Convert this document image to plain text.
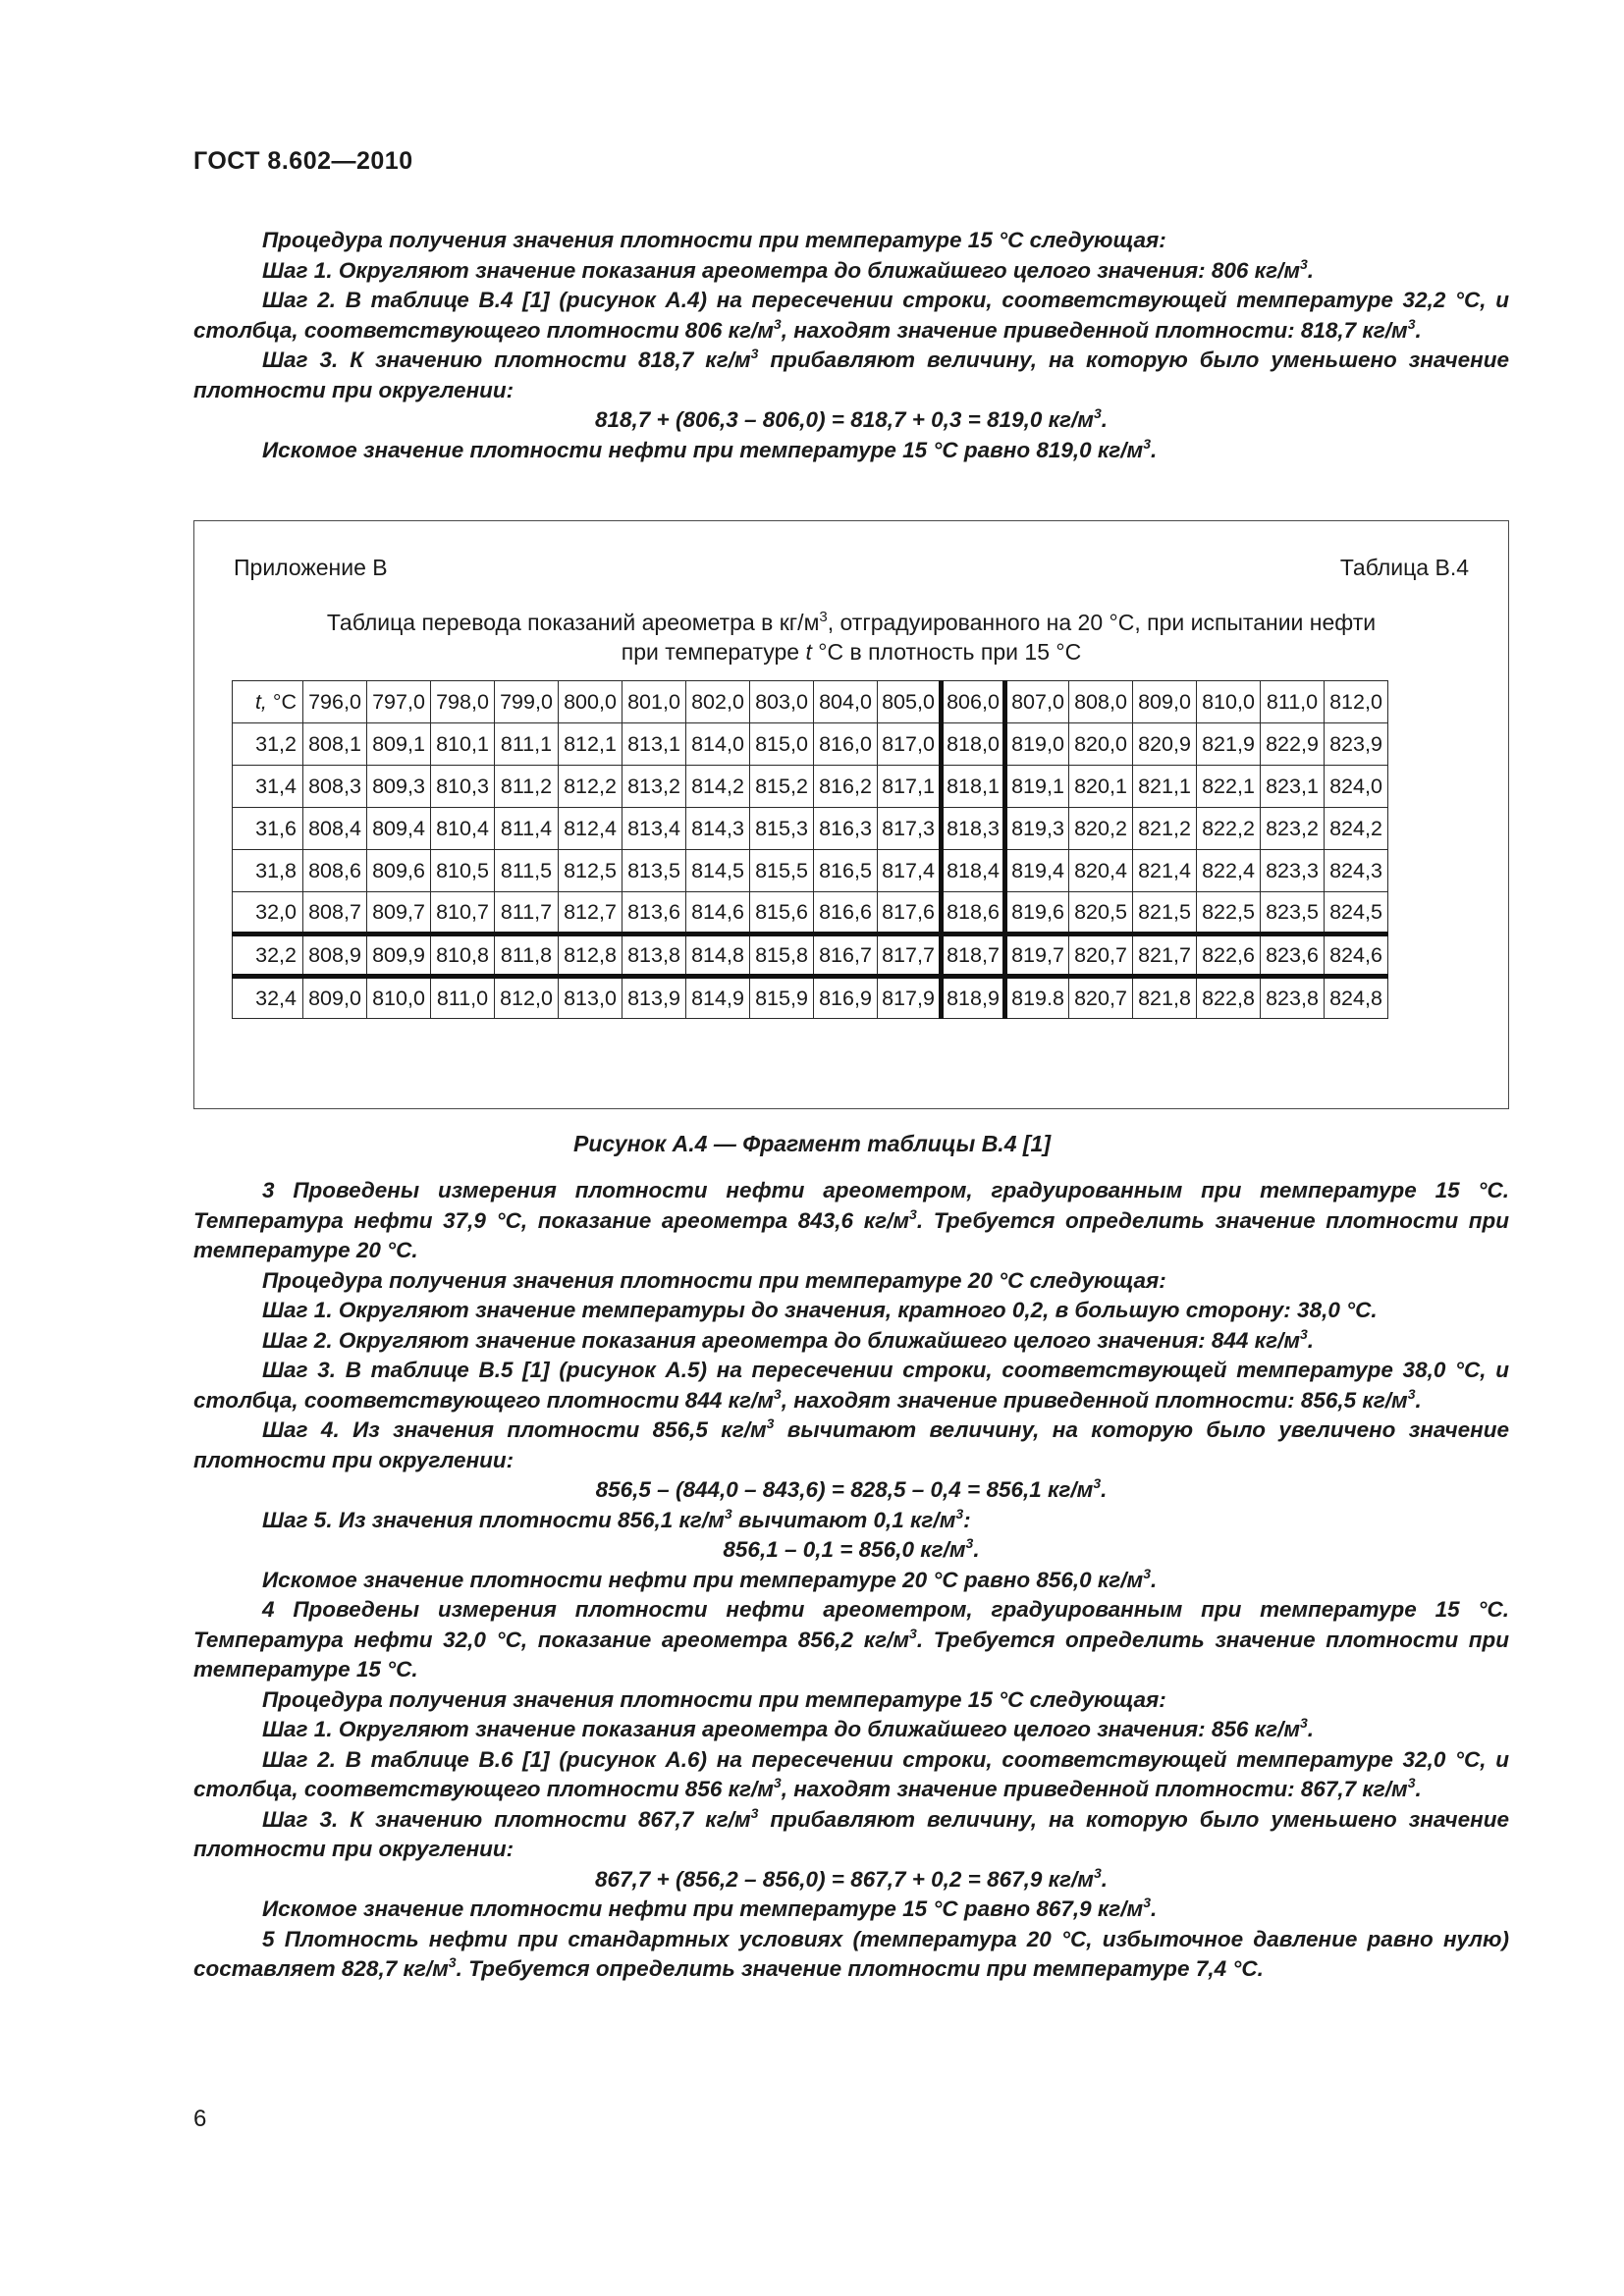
ГОСТ 8.602—2010

Процедура получения значения плотности при температуре 15 °С следующая:

Шаг 1. Округляют значение показания ареометра до ближайшего целого значения: 806 $кг/м^3$.

Шаг 2. В таблице В.4 [1] (рисунок А.4) на пересечении строки, соответствующей температуре 32,2 °С, и столбца, соответствующего плотности 806 $кг/м^3$, находят значение приведенной плотности: 818,7 $кг/м^3$.

Шаг 3. К значению плотности 818,7 $кг/м^3$ прибавляют величину, на которую было уменьшено значение плотности при округлении:

818,7 + (806,3 – 806,0) = 818,7 + 0,3 = 819,0 $кг/м^3$.

Искомое значение плотности нефти при температуре 15 °С равно 819,0 $кг/м^3$.

Приложение В	Таблица В.4
Таблица перевода показаний ареометра в $кг/м^3$, отградуированного на 20 °С, при испытании нефти
при температуре t °С в плотность при 15 °С
t, °С	796,0	797,0	798,0	799,0	800,0	801,0	802,0	803,0	804,0	805,0	806,0	807,0	808,0	809,0	810,0	811,0	812,0
31,2	808,1	809,1	810,1	811,1	812,1	813,1	814,0	815,0	816,0	817,0	818,0	819,0	820,0	820,9	821,9	822,9	823,9
31,4	808,3	809,3	810,3	811,2	812,2	813,2	814,2	815,2	816,2	817,1	818,1	819,1	820,1	821,1	822,1	823,1	824,0
31,6	808,4	809,4	810,4	811,4	812,4	813,4	814,3	815,3	816,3	817,3	818,3	819,3	820,2	821,2	822,2	823,2	824,2
31,8	808,6	809,6	810,5	811,5	812,5	813,5	814,5	815,5	816,5	817,4	818,4	819,4	820,4	821,4	822,4	823,3	824,3
32,0	808,7	809,7	810,7	811,7	812,7	813,6	814,6	815,6	816,6	817,6	818,6	819,6	820,5	821,5	822,5	823,5	824,5
32,2	808,9	809,9	810,8	811,8	812,8	813,8	814,8	815,8	816,7	817,7	818,7	819,7	820,7	821,7	822,6	823,6	824,6
32,4	809,0	810,0	811,0	812,0	813,0	813,9	814,9	815,9	816,9	817,9	818,9	819.8	820,7	821,8	822,8	823,8	824,8
Рисунок А.4 — Фрагмент таблицы В.4 [1]

3 Проведены измерения плотности нефти ареометром, градуированным при температуре 15 °С. Температура нефти 37,9 °С, показание ареометра 843,6 $кг/м^3$. Требуется определить значение плотности при температуре 20 °С.

Процедура получения значения плотности при температуре 20 °С следующая:

Шаг 1. Округляют значение температуры до значения, кратного 0,2, в большую сторону: 38,0 °С.

Шаг 2. Округляют значение показания ареометра до ближайшего целого значения: 844 $кг/м^3$.

Шаг 3. В таблице В.5 [1] (рисунок А.5) на пересечении строки, соответствующей температуре 38,0 °С, и столбца, соответствующего плотности 844 $кг/м^3$, находят значение приведенной плотности: 856,5 $кг/м^3$.

Шаг 4. Из значения плотности 856,5 $кг/м^3$ вычитают величину, на которую было увеличено значение плотности при округлении:

856,5 – (844,0 – 843,6) = 828,5 – 0,4 = 856,1 $кг/м^3$.

Шаг 5. Из значения плотности 856,1 $кг/м^3$ вычитают 0,1 $кг/м^3$:

856,1 – 0,1 = 856,0 $кг/м^3$.

Искомое значение плотности нефти при температуре 20 °С равно 856,0 $кг/м^3$.

4 Проведены измерения плотности нефти ареометром, градуированным при температуре 15 °С. Температура нефти 32,0 °С, показание ареометра 856,2 $кг/м^3$. Требуется определить значение плотности при температуре 15 °С.

Процедура получения значения плотности при температуре 15 °С следующая:

Шаг 1. Округляют значение показания ареометра до ближайшего целого значения: 856 $кг/м^3$.

Шаг 2. В таблице В.6 [1] (рисунок А.6) на пересечении строки, соответствующей температуре 32,0 °С, и столбца, соответствующего плотности 856 $кг/м^3$, находят значение приведенной плотности: 867,7 $кг/м^3$.

Шаг 3. К значению плотности 867,7 $кг/м^3$ прибавляют величину, на которую было уменьшено значение плотности при округлении:

867,7 + (856,2 – 856,0) = 867,7 + 0,2 = 867,9 $кг/м^3$.

Искомое значение плотности нефти при температуре 15 °С равно 867,9 $кг/м^3$.

5 Плотность нефти при стандартных условиях (температура 20 °С, избыточное давление равно нулю) составляет 828,7 $кг/м^3$. Требуется определить значение плотности при температуре 7,4 °С.

6
